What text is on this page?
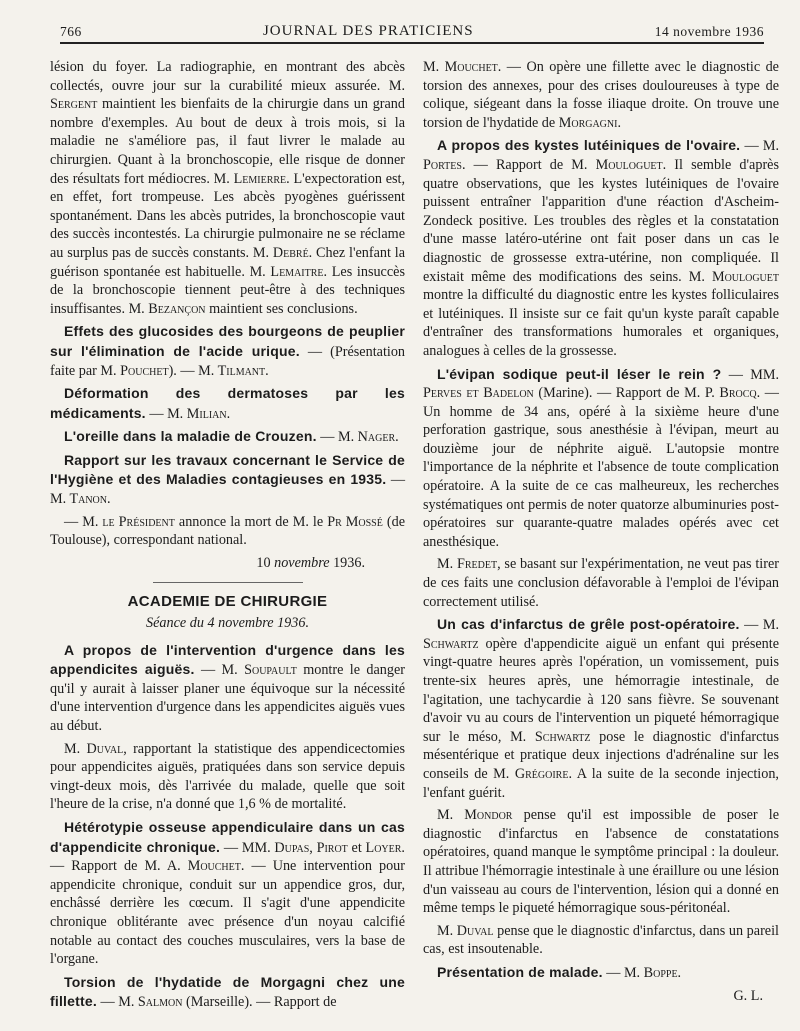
766	JOURNAL DES PRATICIENS	14 novembre 1936

lésion du foyer. La radiographie, en montrant des abcès collectés, ouvre jour sur la curabilité mieux assurée. M. Sergent maintient les bienfaits de la chirurgie dans un grand nombre d'exemples. Au bout de deux à trois mois, si la maladie ne s'améliore pas, il faut livrer le malade au chirurgien. Quant à la bronchoscopie, elle risque de donner des résultats fort médiocres. M. Lemierre. L'expectoration est, en effet, fort trompeuse. Les abcès pyogènes guérissent spontanément. Dans les abcès putrides, la bronchoscopie vaut des succès incontestés. La chirurgie pulmonaire ne se réclame au surplus pas de succès constants. M. Debré. Chez l'enfant la guérison spontanée est habituelle. M. Lemaitre. Les insuccès de la bronchoscopie tiennent peut-être à des techniques insuffisantes. M. Bezançon maintient ses conclusions.

Effets des glucosides des bourgeons de peuplier sur l'élimination de l'acide urique. — (Présentation faite par M. Pouchet). — M. Tilmant.

Déformation des dermatoses par les médicaments. — M. Milian.

L'oreille dans la maladie de Crouzen. — M. Nager.

Rapport sur les travaux concernant le Service de l'Hygiène et des Maladies contagieuses en 1935. — M. Tanon.

— M. le Président annonce la mort de M. le Pr Mossé (de Toulouse), correspondant national.

10 novembre 1936.

ACADEMIE DE CHIRURGIE
Séance du 4 novembre 1936.

A propos de l'intervention d'urgence dans les appendicites aiguës. — M. Soupault montre le danger qu'il y aurait à laisser planer une équivoque sur la nécessité d'une intervention d'urgence dans les appendicites aiguës vues au début.

M. Duval, rapportant la statistique des appendicectomies pour appendicites aiguës, pratiquées dans son service depuis vingt-deux mois, dès l'arrivée du malade, quelle que soit l'heure de la crise, n'a donné que 1,6 % de mortalité.

Hétérotypie osseuse appendiculaire dans un cas d'appendicite chronique. — MM. Dupas, Pirot et Loyer. — Rapport de M. A. Mouchet. — Une intervention pour appendicite chronique, conduit sur un appendice gros, dur, enchâssé derrière les cœcum. Il s'agit d'une appendicite chronique oblitérante avec présence d'un noyau calcifié notable au contact des couches musculaires, vers la base de l'organe.

Torsion de l'hydatide de Morgagni chez une fillette. — M. Salmon (Marseille). — Rapport de

M. Mouchet. — On opère une fillette avec le diagnostic de torsion des annexes, pour des crises douloureuses à type de colique, siégeant dans la fosse iliaque droite. On trouve une torsion de l'hydatide de Morgagni.

A propos des kystes lutéiniques de l'ovaire. — M. Portes. — Rapport de M. Mouloguet. Il semble d'après quatre observations, que les kystes lutéiniques de l'ovaire puissent entraîner l'apparition d'une réaction d'Ascheim-Zondeck positive. Les troubles des règles et la constatation d'une masse latéro-utérine ont fait poser dans un cas le diagnostic de grossesse extra-utérine, non compliquée. Il existait même des modifications des seins. M. Mouloguet montre la difficulté du diagnostic entre les kystes folliculaires et lutéiniques. Il insiste sur ce fait qu'un kyste paraît capable d'entraîner des transformations humorales et organiques, analogues à celles de la grossesse.

L'évipan sodique peut-il léser le rein ? — MM. Perves et Badelon (Marine). — Rapport de M. P. Brocq. — Un homme de 34 ans, opéré à la sixième heure d'une perforation gastrique, sous anesthésie à l'évipan, meurt au douzième jour de néphrite aiguë. L'autopsie montre l'importance de la néphrite et l'absence de toute complication opératoire. A la suite de ce cas malheureux, les recherches systématiques ont permis de noter quatorze albuminuries post-opératoires sur quarante-quatre malades opérés avec cet anesthésique.

M. Fredet, se basant sur l'expérimentation, ne veut pas tirer de ces faits une conclusion défavorable à l'emploi de l'évipan correctement utilisé.

Un cas d'infarctus de grêle post-opératoire. — M. Schwartz opère d'appendicite aiguë un enfant qui présente vingt-quatre heures après l'opération, un vomissement, puis trente-six heures après, une hémorragie intestinale, de l'agitation, une tachycardie à 120 sans fièvre. Se souvenant d'avoir vu au cours de l'intervention un piqueté hémorragique sur le méso, M. Schwartz pose le diagnostic d'infarctus mésentérique et pratique deux injections d'adrénaline sur les conseils de M. Grégoire. A la suite de la seconde injection, l'enfant guérit.

M. Mondor pense qu'il est impossible de poser le diagnostic d'infarctus en l'absence de constatations opératoires, quand manque le symptôme principal : la douleur. Il attribue l'hémorragie intestinale à une éraillure ou une lésion d'un vaisseau au cours de l'intervention, lésion qui a donné en même temps le piqueté hémorragique sous-péritonéal.

M. Duval pense que le diagnostic d'infarctus, dans un pareil cas, est insoutenable.

Présentation de malade. — M. Boppe.

G. L.
